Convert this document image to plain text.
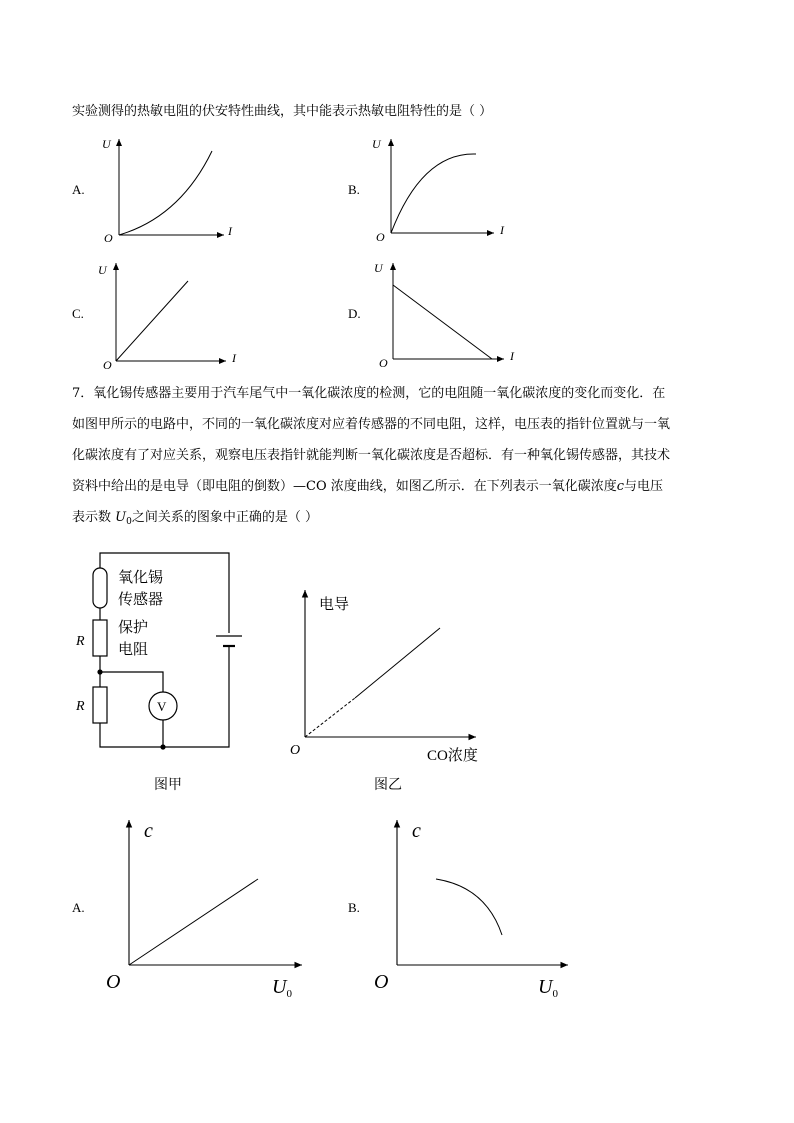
实验测得的热敏电阻的伏安特性曲线，其中能表示热敏电阻特性的是（ ）
A.
U
I
O
B.
U
I
O
C.
U
I
O
D.
U
I
O
7．氧化锡传感器主要用于汽车尾气中一氧化碳浓度的检测，它的电阻随一氧化碳浓度的变化而变化．在
如图甲所示的电路中，不同的一氧化碳浓度对应着传感器的不同电阻，这样，电压表的指针位置就与一氧
化碳浓度有了对应关系，观察电压表指针就能判断一氧化碳浓度是否超标．有一种氧化锡传感器，其技术
资料中给出的是电导（即电阻的倒数）—CO 浓度曲线，如图乙所示．在下列表示一氧化碳浓度c与电压
表示数 $U_0$之间关系的图象中正确的是（ ）
V
氧化锡
传感器
保护
电阻
R
R
图甲
电导
CO浓度
O
图乙
A.
c
$U_0$
O
B.
c
$U_0$
O
